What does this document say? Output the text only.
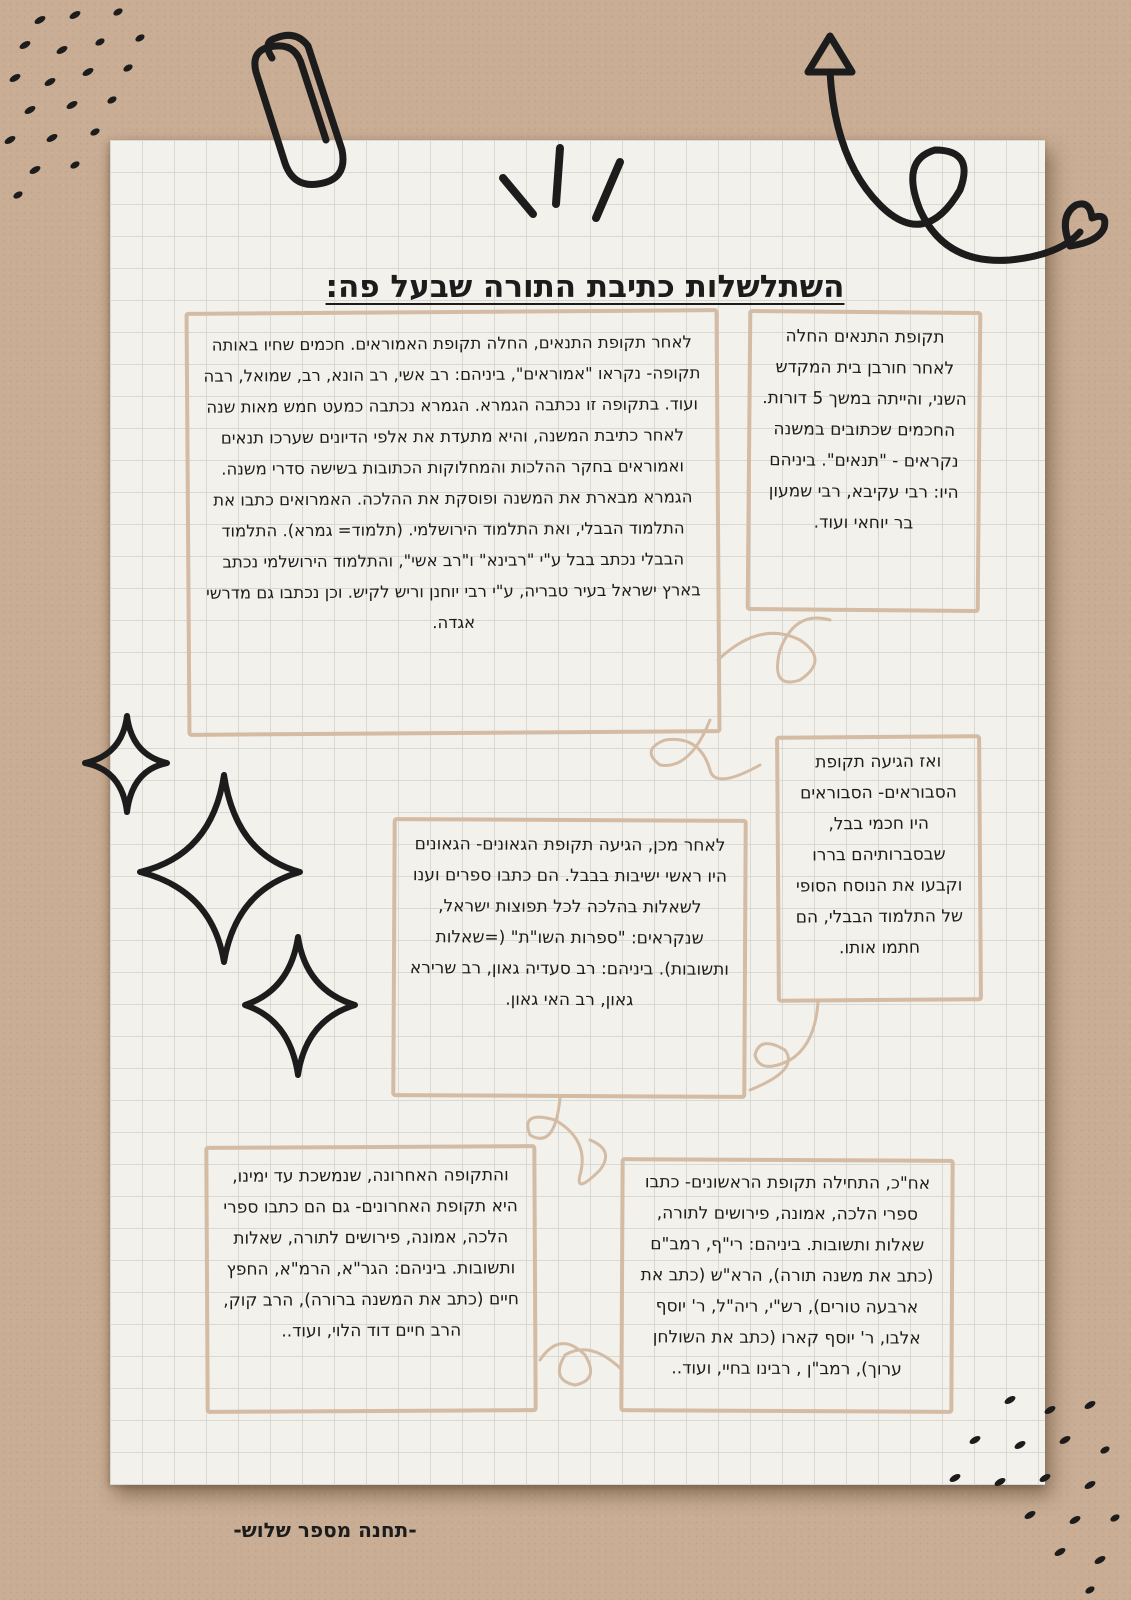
השתלשלות כתיבת התורה שבעל פה:

לאחר תקופת התנאים, החלה תקופת האמוראים. חכמים שחיו באותה תקופה- נקראו "אמוראים", ביניהם: רב אשי, רב הונא, רב, שמואל, רבה ועוד. בתקופה זו נכתבה הגמרא. הגמרא נכתבה כמעט חמש מאות שנה לאחר כתיבת המשנה, והיא מתעדת את אלפי הדיונים שערכו תנאים ואמוראים בחקר ההלכות והמחלוקות הכתובות בשישה סדרי משנה. הגמרא מבארת את המשנה ופוסקת את ההלכה. האמרואים כתבו את התלמוד הבבלי, ואת התלמוד הירושלמי. (תלמוד= גמרא). התלמוד הבבלי נכתב בבל ע"י "רבינא" ו"רב אשי", והתלמוד הירושלמי נכתב בארץ ישראל בעיר טבריה, ע"י רבי יוחנן וריש לקיש. וכן נכתבו גם מדרשי אגדה.

תקופת התנאים החלה לאחר חורבן בית המקדש השני, והייתה במשך 5 דורות. החכמים שכתובים במשנה נקראים - "תנאים". ביניהם היו: רבי עקיבא, רבי שמעון בר יוחאי ועוד.

ואז הגיעה תקופת הסבוראים- הסבוראים היו חכמי בבל, שבסברותיהם בררו וקבעו את הנוסח הסופי של התלמוד הבבלי, הם חתמו אותו.

לאחר מכן, הגיעה תקופת הגאונים- הגאונים היו ראשי ישיבות בבבל. הם כתבו ספרים וענו לשאלות בהלכה לכל תפוצות ישראל, שנקראים: "ספרות השו"ת" (=שאלות ותשובות). ביניהם: רב סעדיה גאון, רב שרירא גאון, רב האי גאון.

והתקופה האחרונה, שנמשכת עד ימינו, היא תקופת האחרונים- גם הם כתבו ספרי הלכה, אמונה, פירושים לתורה, שאלות ותשובות. ביניהם: הגר"א, הרמ"א, החפץ חיים (כתב את המשנה ברורה), הרב קוק, הרב חיים דוד הלוי, ועוד..

אח"כ, התחילה תקופת הראשונים- כתבו ספרי הלכה, אמונה, פירושים לתורה, שאלות ותשובות. ביניהם: רי"ף, רמב"ם (כתב את משנה תורה), הרא"ש (כתב את ארבעה טורים), רש"י, ריה"ל, ר' יוסף אלבו, ר' יוסף קארו (כתב את השולחן ערוך), רמב"ן , רבינו בחיי, ועוד..

-תחנה מספר שלוש-
